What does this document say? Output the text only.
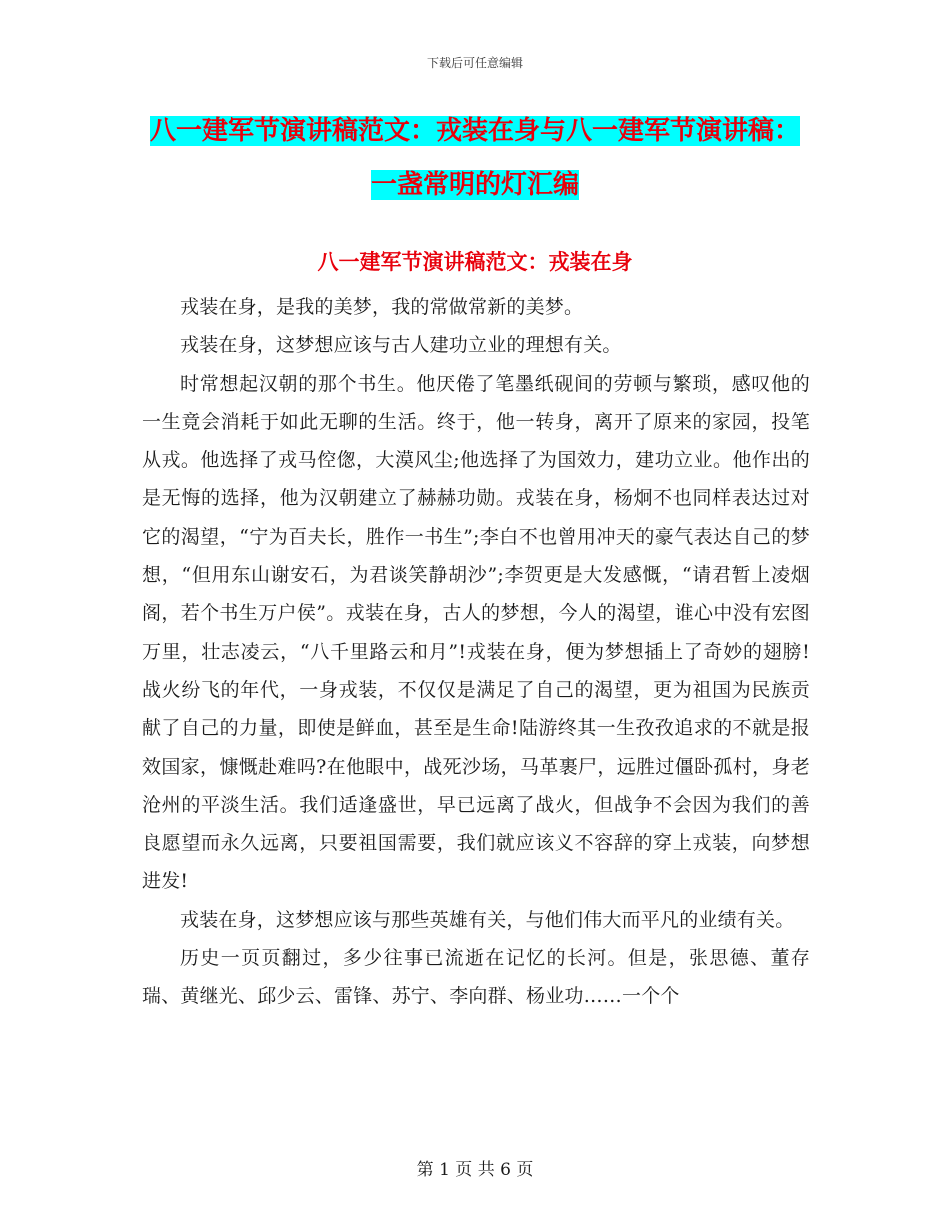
下载后可任意编辑
八一建军节演讲稿范文：戎装在身与八一建军节演讲稿：一盏常明的灯汇编
八一建军节演讲稿范文：戎装在身

戎装在身，是我的美梦，我的常做常新的美梦。

戎装在身，这梦想应该与古人建功立业的理想有关。

时常想起汉朝的那个书生。他厌倦了笔墨纸砚间的劳顿与繁琐，感叹他的一生竟会消耗于如此无聊的生活。终于，他一转身，离开了原来的家园，投笔从戎。他选择了戎马倥偬，大漠风尘;他选择了为国效力，建功立业。他作出的是无悔的选择，他为汉朝建立了赫赫功勋。戎装在身，杨炯不也同样表达过对它的渴望，“宁为百夫长，胜作一书生”;李白不也曾用冲天的豪气表达自己的梦想，“但用东山谢安石，为君谈笑静胡沙”;李贺更是大发感慨，“请君暂上凌烟阁，若个书生万户侯”。戎装在身，古人的梦想，今人的渴望，谁心中没有宏图万里，壮志凌云，“八千里路云和月”!戎装在身，便为梦想插上了奇妙的翅膀!战火纷飞的年代，一身戎装，不仅仅是满足了自己的渴望，更为祖国为民族贡献了自己的力量，即使是鲜血，甚至是生命!陆游终其一生孜孜追求的不就是报效国家，慷慨赴难吗?在他眼中，战死沙场，马革裹尸，远胜过僵卧孤村，身老沧州的平淡生活。我们适逢盛世，早已远离了战火，但战争不会因为我们的善良愿望而永久远离，只要祖国需要，我们就应该义不容辞的穿上戎装，向梦想进发!

戎装在身，这梦想应该与那些英雄有关，与他们伟大而平凡的业绩有关。

历史一页页翻过，多少往事已流逝在记忆的长河。但是，张思德、董存瑞、黄继光、邱少云、雷锋、苏宁、李向群、杨业功……一个个

第 1 页 共 6 页
